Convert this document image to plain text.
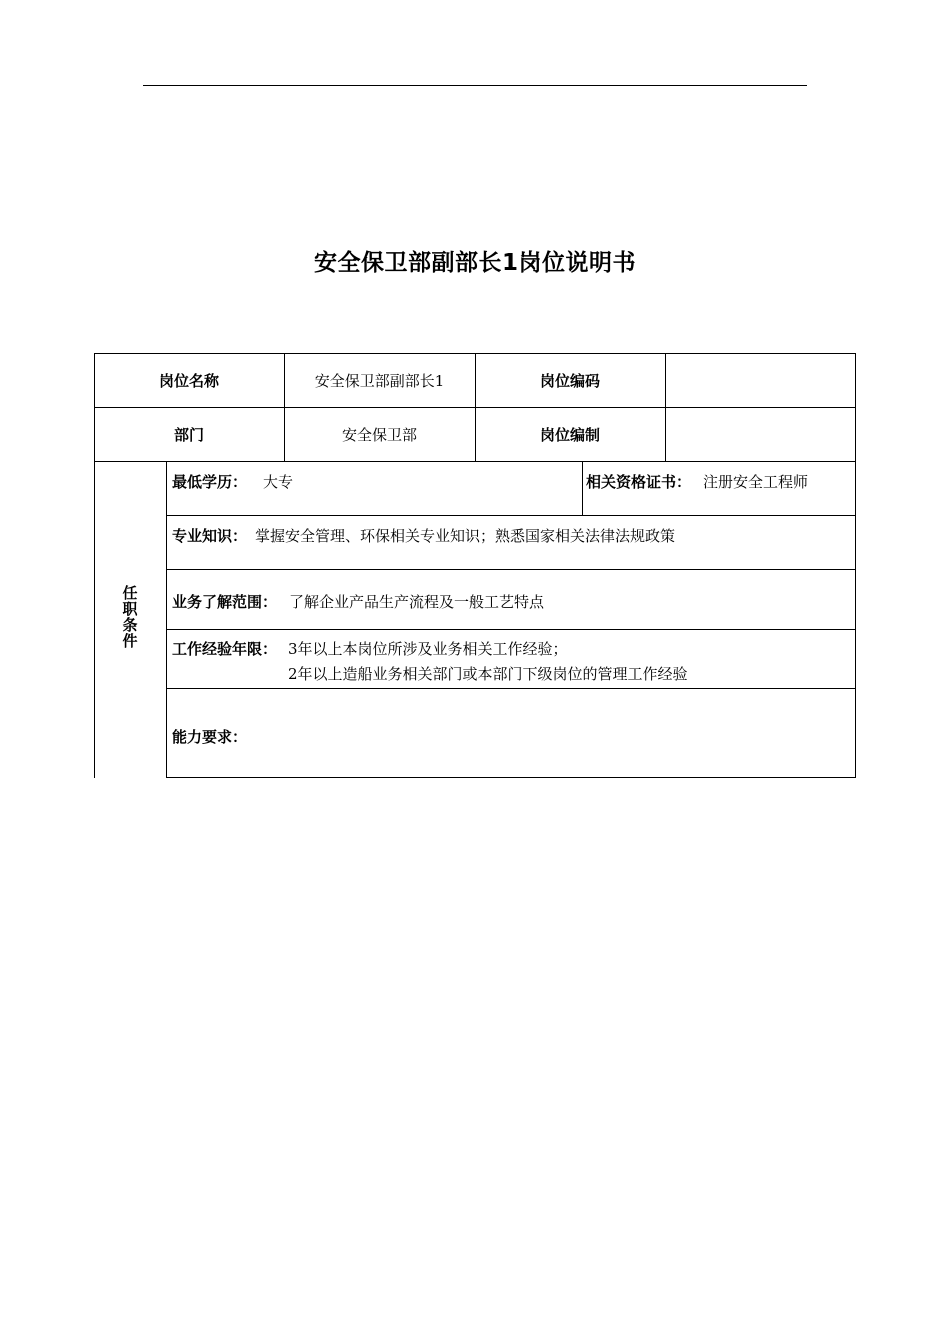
安全保卫部副部长1岗位说明书
岗位名称	安全保卫部副部长1	岗位编码
部门	安全保卫部	岗位编制
任
职
条
件
最低学历： 大专	相关资格证书： 注册安全工程师
专业知识： 掌握安全管理、环保相关专业知识；熟悉国家相关法律法规政策
业务了解范围： 了解企业产品生产流程及一般工艺特点
工作经验年限： 3年以上本岗位所涉及业务相关工作经验；
2年以上造船业务相关部门或本部门下级岗位的管理工作经验
能力要求：
